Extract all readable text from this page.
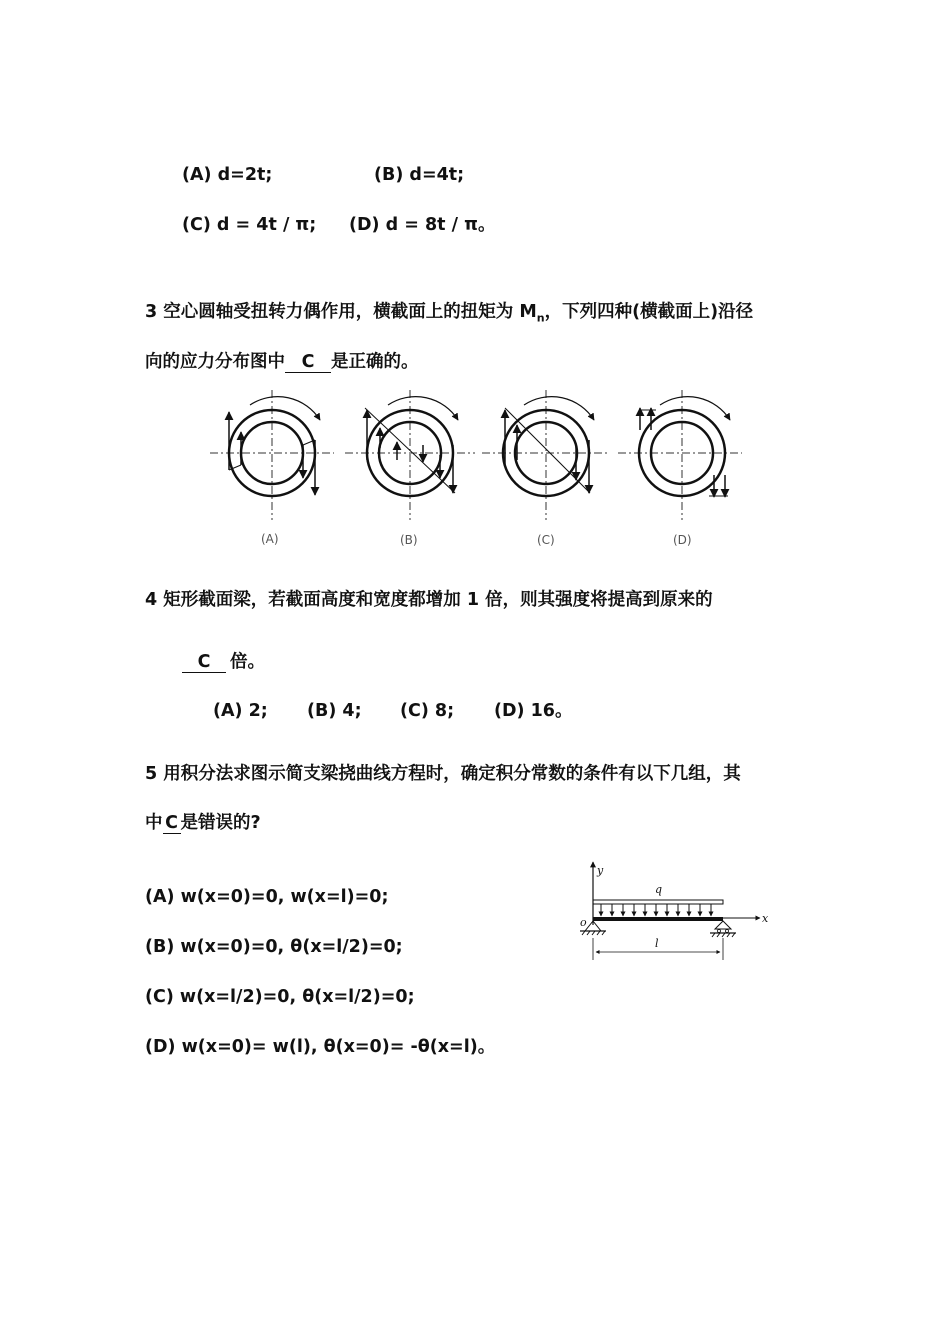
(A) d=2t;	(B) d=4t;
(C) d = 4t / π; (D) d = 8t / π。
3 空心圆轴受扭转力偶作用，横截面上的扭矩为 $M_n$，下列四种(横截面上)沿径
向的应力分布图中 C 是正确的。
(A)	(B)	(C)	(D)
4 矩形截面梁，若截面高度和宽度都增加 1 倍，则其强度将提高到原来的
C 倍。
(A) 2; (B) 4; (C) 8; (D) 16。
5 用积分法求图示简支梁挠曲线方程时，确定积分常数的条件有以下几组，其
中 C 是错误的?
(A) w(x=0)=0, w(x=l)=0;
(B) w(x=0)=0, θ(x=l/2)=0;
(C) w(x=l/2)=0, θ(x=l/2)=0;
(D) w(x=0)= w(l), θ(x=0)= -θ(x=l)。
y
x
o
q
l
